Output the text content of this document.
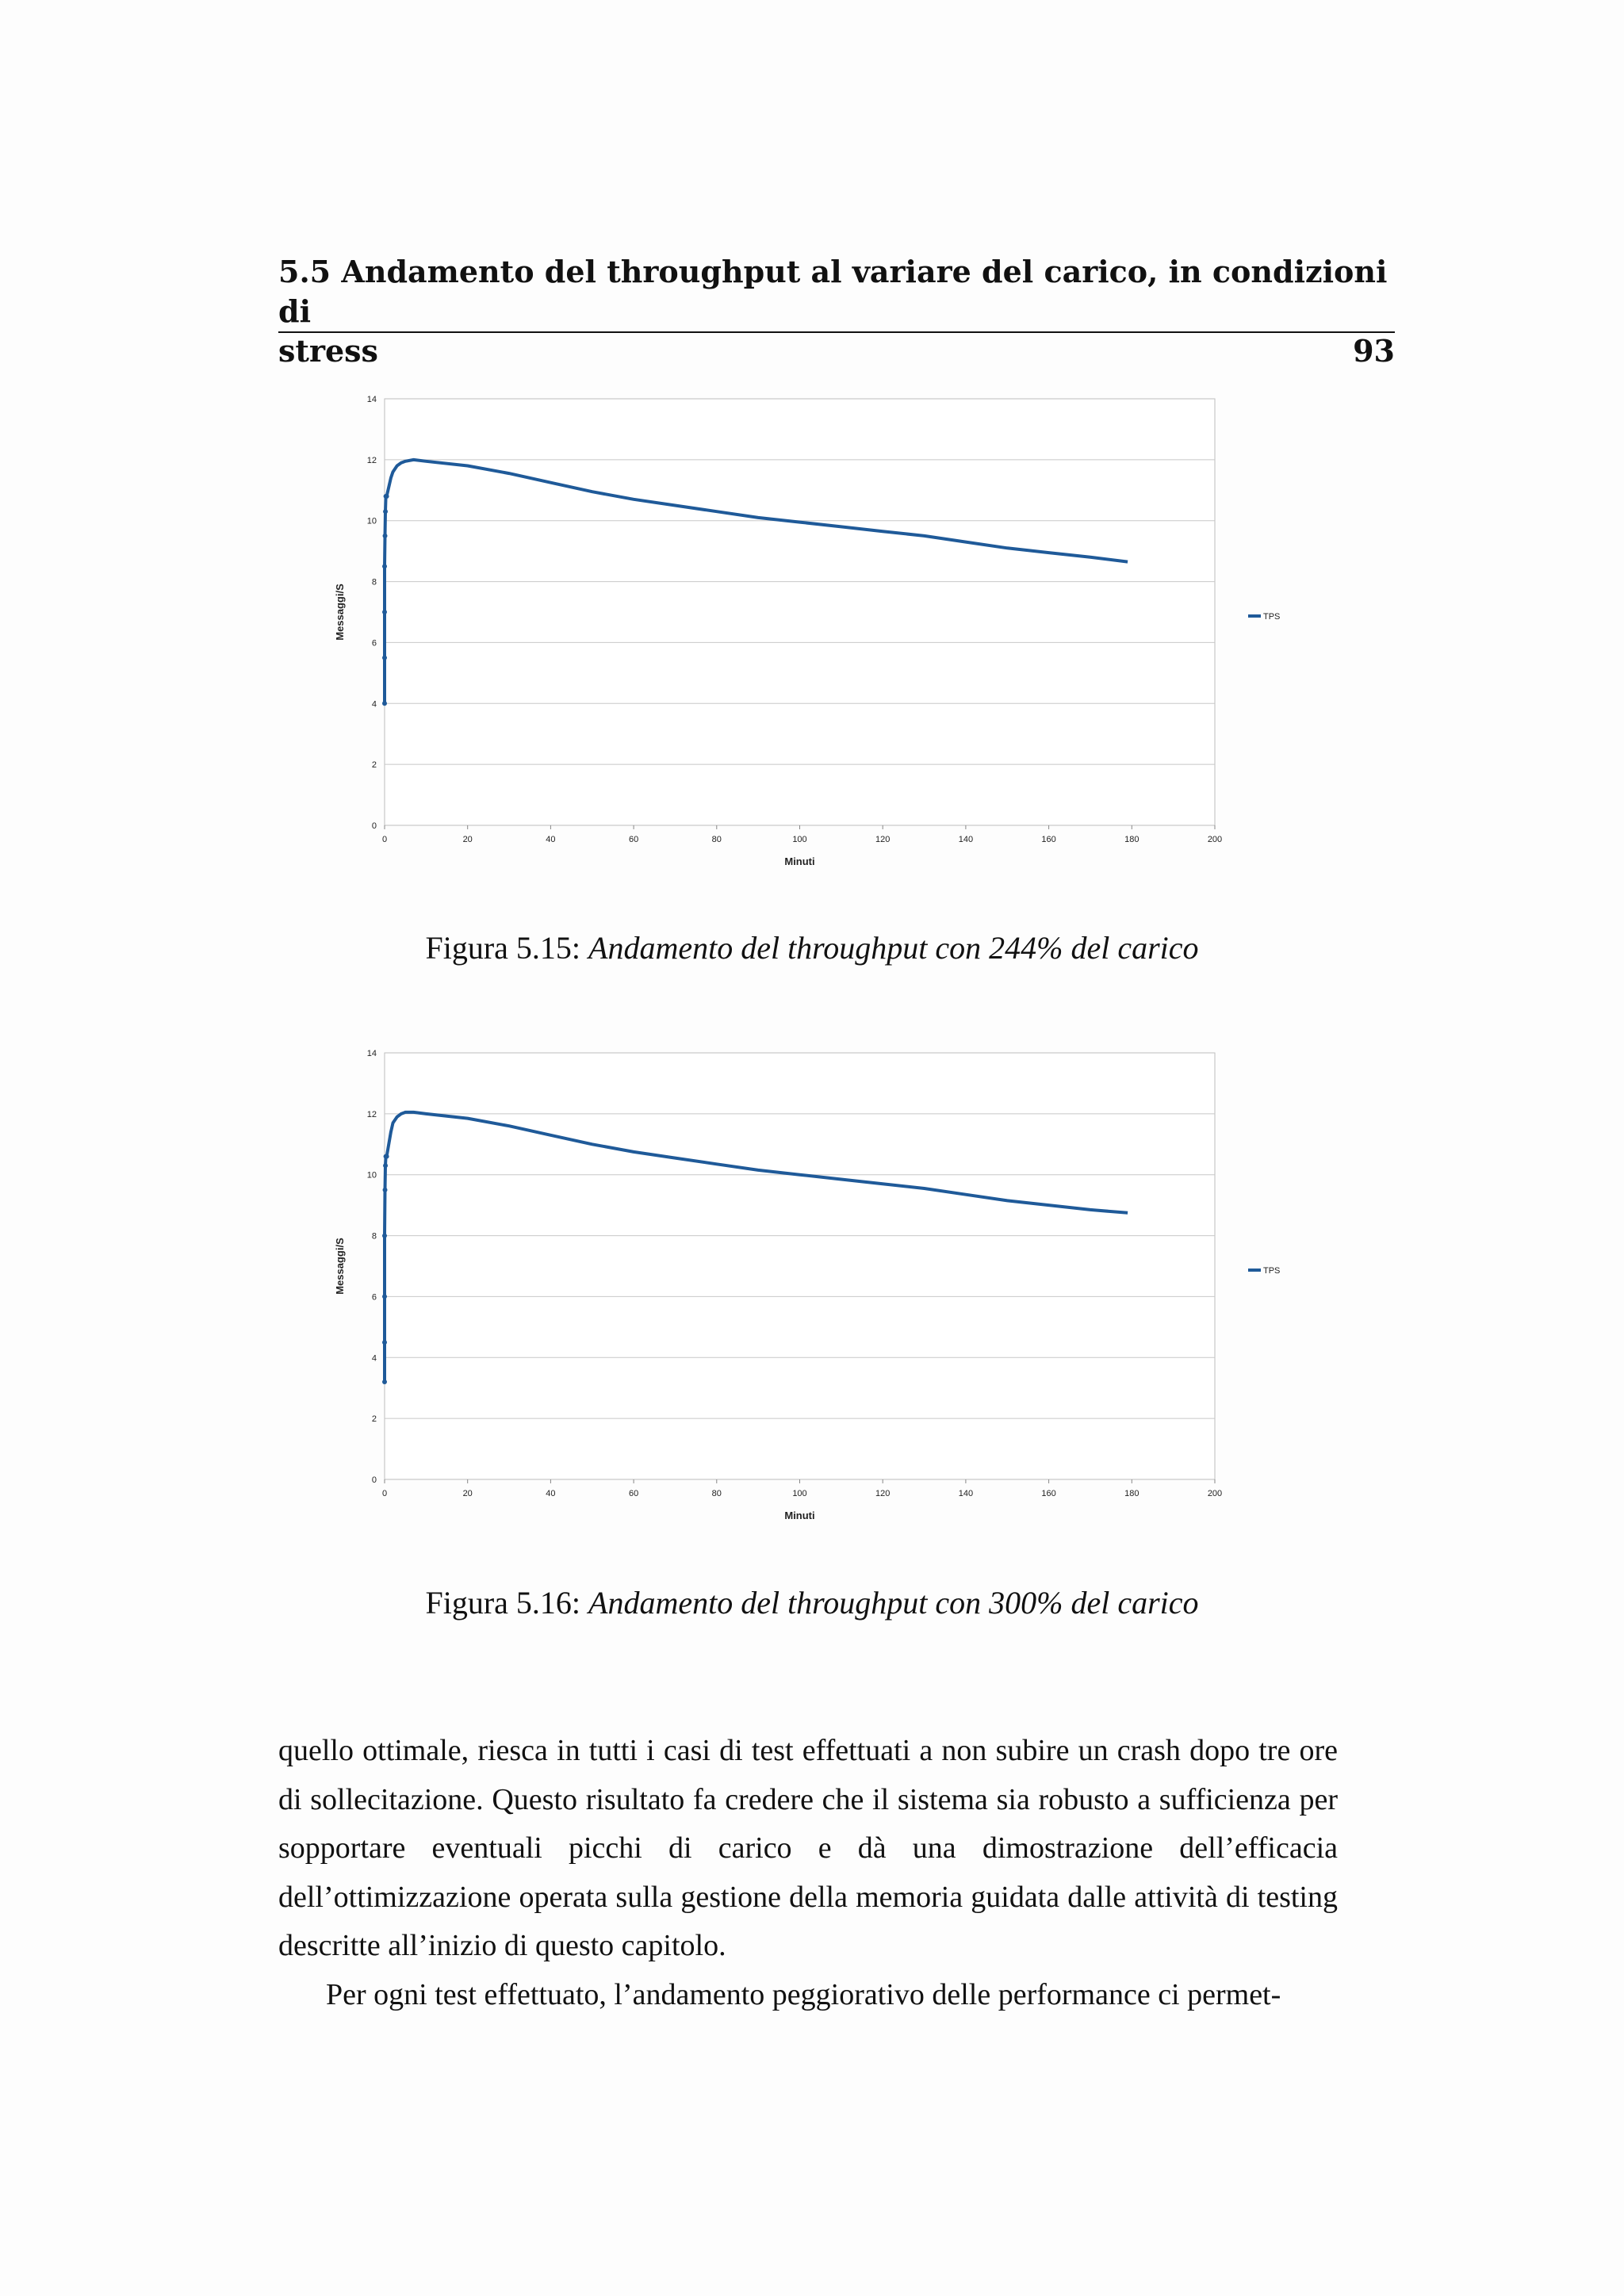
5.5 Andamento del throughput al variare del carico, in condizioni di
stress	93
0
2
4
6
8
10
12
14
0	20	40	60	80	100	120	140	160	180	200
Minuti
Messaggi/S	TPS
Figura 5.15: Andamento del throughput con 244% del carico
0
2
4
6
8
10
12
14
0	20	40	60	80	100	120	140	160	180	200
Minuti
Messaggi/S	TPS
Figura 5.16: Andamento del throughput con 300% del carico

quello ottimale, riesca in tutti i casi di test effettuati a non subire un crash dopo tre ore di sollecitazione. Questo risultato fa credere che il sistema sia robusto a sufficienza per sopportare eventuali picchi di carico e dà una dimostrazione dell’efficacia dell’ottimizzazione operata sulla gestione della memoria guidata dalle attività di testing descritte all’inizio di questo capitolo.

Per ogni test effettuato, l’andamento peggiorativo delle performance ci permet-
